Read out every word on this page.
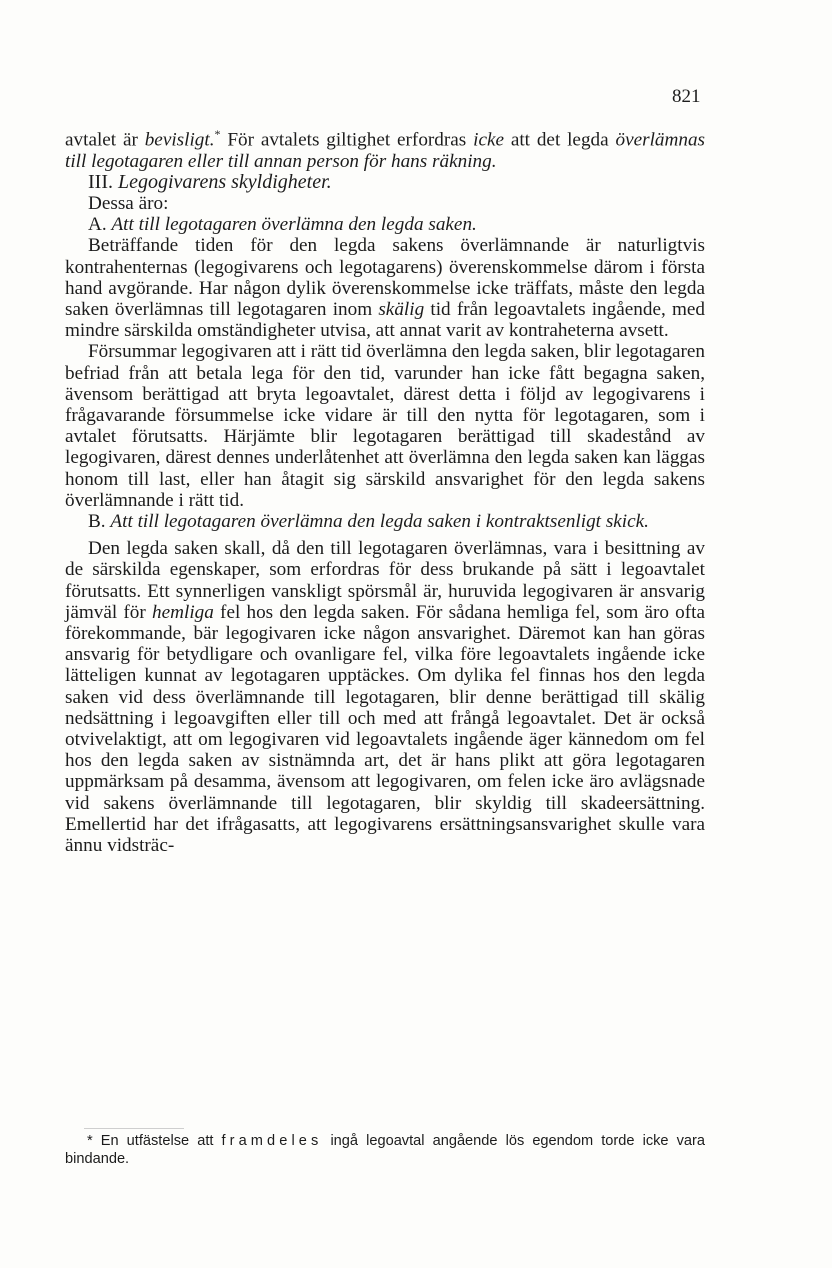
821

avtalet är bevisligt.* För avtalets giltighet erfordras icke att det legda överlämnas till legotagaren eller till annan person för hans räkning.

III. Legogivarens skyldigheter.

Dessa äro:

A. Att till legotagaren överlämna den legda saken.

Beträffande tiden för den legda sakens överlämnande är naturligtvis kontrahenternas (legogivarens och legotagarens) överenskommelse därom i första hand avgörande. Har någon dylik överenskommelse icke träffats, måste den legda saken överlämnas till legotagaren inom skälig tid från legoavtalets ingående, med mindre särskilda omständigheter utvisa, att annat varit av kontraheterna avsett.

Försummar legogivaren att i rätt tid överlämna den legda saken, blir legotagaren befriad från att betala lega för den tid, varunder han icke fått begagna saken, ävensom berättigad att bryta legoavtalet, därest detta i följd av legogivarens i frågavarande försummelse icke vidare är till den nytta för legotagaren, som i avtalet förutsatts. Härjämte blir legotagaren berättigad till skadestånd av legogivaren, därest dennes underlåtenhet att överlämna den legda saken kan läggas honom till last, eller han åtagit sig särskild ansvarighet för den legda sakens överlämnande i rätt tid.

B. Att till legotagaren överlämna den legda saken i kontraktsenligt skick.

Den legda saken skall, då den till legotagaren överlämnas, vara i besittning av de särskilda egenskaper, som erfordras för dess brukande på sätt i legoavtalet förutsatts. Ett synnerligen vanskligt spörsmål är, huruvida legogivaren är ansvarig jämväl för hemliga fel hos den legda saken. För sådana hemliga fel, som äro ofta förekommande, bär legogivaren icke någon ansvarighet. Däremot kan han göras ansvarig för betydligare och ovanligare fel, vilka före legoavtalets ingående icke lätteligen kunnat av legotagaren upptäckes. Om dylika fel finnas hos den legda saken vid dess överlämnande till legotagaren, blir denne berättigad till skälig nedsättning i legoavgiften eller till och med att frångå legoavtalet. Det är också otvivelaktigt, att om legogivaren vid legoavtalets ingående äger kännedom om fel hos den legda saken av sistnämnda art, det är hans plikt att göra legotagaren uppmärksam på desamma, ävensom att legogivaren, om felen icke äro avlägsnade vid sakens överlämnande till legotagaren, blir skyldig till skadeersättning. Emellertid har det ifrågasatts, att legogivarens ersättningsansvarighet skulle vara ännu vidsträc-

* En utfästelse att framdeles ingå legoavtal angående lös egendom torde icke vara bindande.
